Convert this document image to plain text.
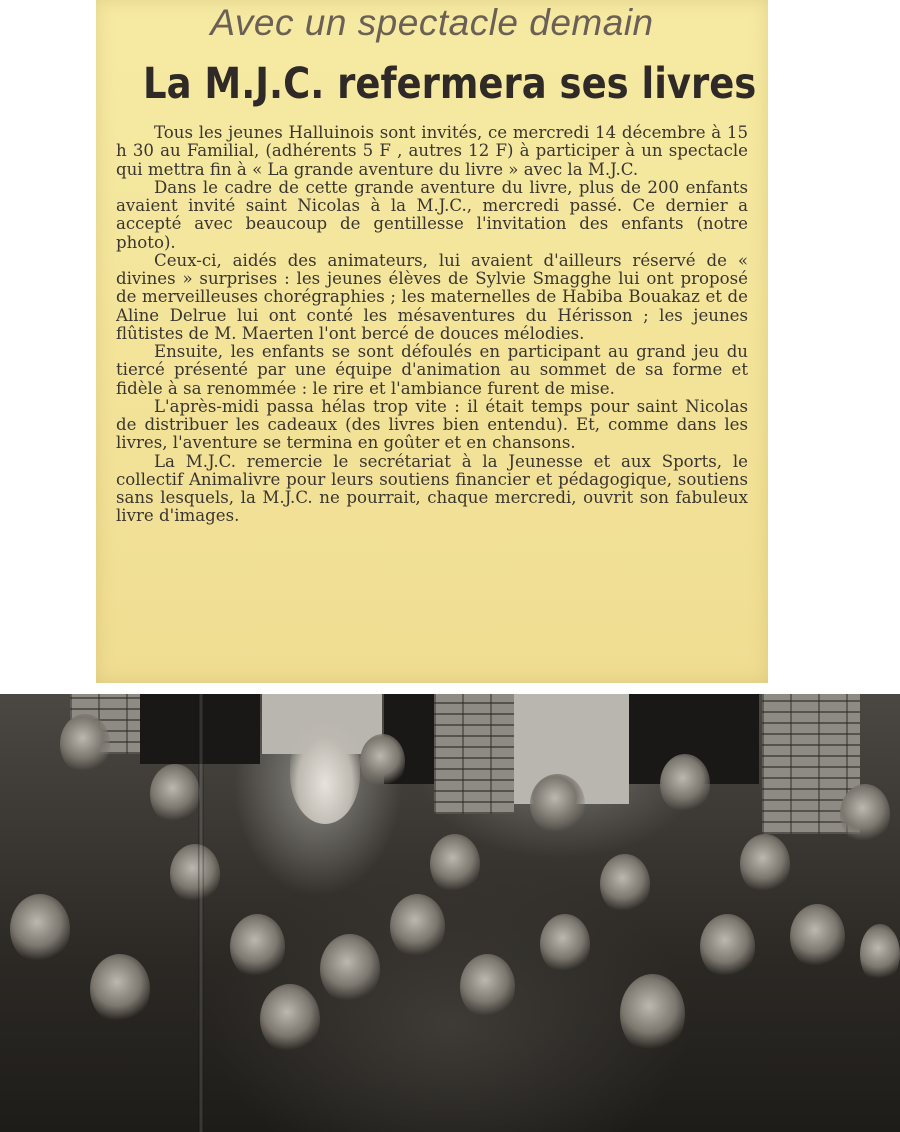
Avec un spectacle demain
La M.J.C. refermera ses livres

Tous les jeunes Halluinois sont invités, ce mercredi 14 décembre à 15 h 30 au Familial, (adhérents 5 F , autres 12 F) à participer à un spectacle qui mettra fin à « La grande aventure du livre » avec la M.J.C.

Dans le cadre de cette grande aventure du livre, plus de 200 enfants avaient invité saint Nicolas à la M.J.C., mercredi passé. Ce dernier a accepté avec beaucoup de gentillesse l'invitation des enfants (notre photo).

Ceux-ci, aidés des animateurs, lui avaient d'ailleurs réservé de « divines » surprises : les jeunes élèves de Sylvie Smagghe lui ont proposé de merveilleuses chorégraphies ; les maternelles de Habiba Bouakaz et de Aline Delrue lui ont conté les mésaventures du Hérisson ; les jeunes flûtistes de M. Maerten l'ont bercé de douces mélodies.

Ensuite, les enfants se sont défoulés en participant au grand jeu du tiercé présenté par une équipe d'animation au sommet de sa forme et fidèle à sa renommée : le rire et l'ambiance furent de mise.

L'après-midi passa hélas trop vite : il était temps pour saint Nicolas de distribuer les cadeaux (des livres bien entendu). Et, comme dans les livres, l'aventure se termina en goûter et en chansons.

La M.J.C. remercie le secrétariat à la Jeunesse et aux Sports, le collectif Animalivre pour leurs soutiens financier et pédagogique, soutiens sans lesquels, la M.J.C. ne pourrait, chaque mercredi, ouvrit son fabuleux livre d'images.
